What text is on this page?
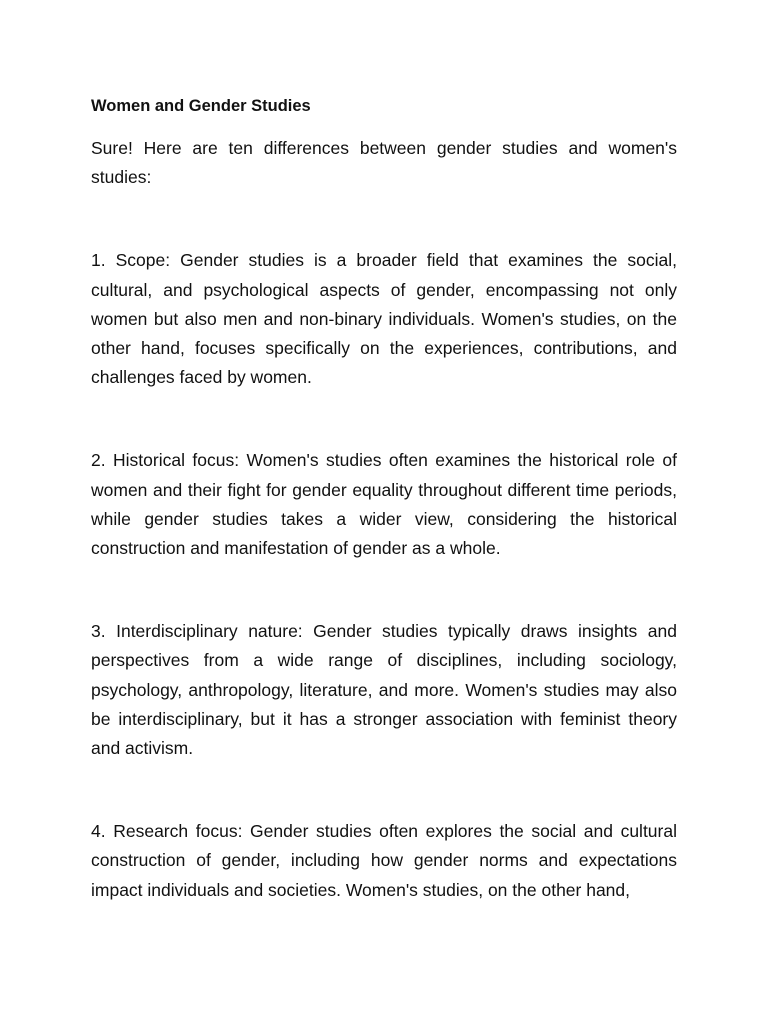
Women and Gender Studies

Sure! Here are ten differences between gender studies and women's studies:

1. Scope: Gender studies is a broader field that examines the social, cultural, and psychological aspects of gender, encompassing not only women but also men and non-binary individuals. Women's studies, on the other hand, focuses specifically on the experiences, contributions, and challenges faced by women.

2. Historical focus: Women's studies often examines the historical role of women and their fight for gender equality throughout different time periods, while gender studies takes a wider view, considering the historical construction and manifestation of gender as a whole.

3. Interdisciplinary nature: Gender studies typically draws insights and perspectives from a wide range of disciplines, including sociology, psychology, anthropology, literature, and more. Women's studies may also be interdisciplinary, but it has a stronger association with feminist theory and activism.

4. Research focus: Gender studies often explores the social and cultural construction of gender, including how gender norms and expectations impact individuals and societies. Women's studies, on the other hand,
